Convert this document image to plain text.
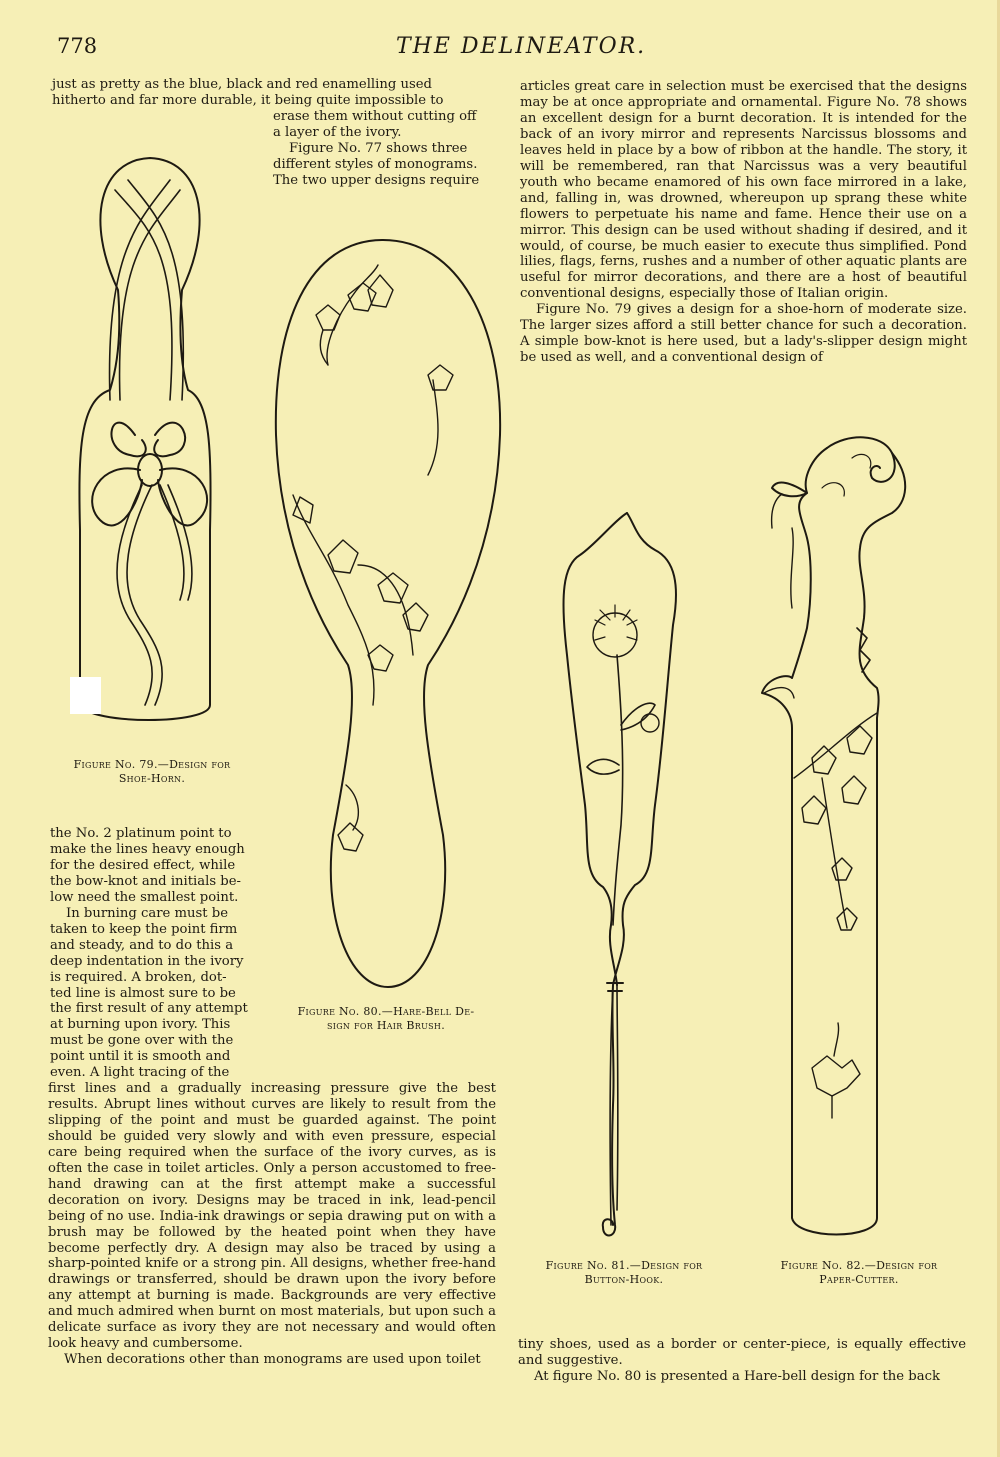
778	THE DELINEATOR.

just as pretty as the blue, black and red enamelling used

hitherto and far more durable, it being quite impossible to

erase them without cutting off

a layer of the ivory.

Figure No. 77 shows three

different styles of monograms.

The two upper designs require

Figure No. 79.—Design for
Shoe-Horn.
Figure No. 80.—Hare-Bell De-
sign for Hair Brush.

the No. 2 platinum point to

make the lines heavy enough

for the desired effect, while

the bow-knot and initials be-

low need the smallest point.

In burning care must be

taken to keep the point firm

and steady, and to do this a

deep indentation in the ivory

is required. A broken, dot-

ted line is almost sure to be

the first result of any attempt

at burning upon ivory. This

must be gone over with the

point until it is smooth and

even. A light tracing of the

first lines and a gradually increasing pressure give the best results. Abrupt lines without curves are likely to result from the slipping of the point and must be guarded against. The point should be guided very slowly and with even pressure, especial care being required when the surface of the ivory curves, as is often the case in toilet articles. Only a person accustomed to free-hand drawing can at the first attempt make a successful decoration on ivory. Designs may be traced in ink, lead-pencil being of no use. India-ink drawings or sepia drawing put on with a brush may be followed by the heated point when they have become perfectly dry. A design may also be traced by using a sharp-pointed knife or a strong pin. All designs, whether free-hand drawings or transferred, should be drawn upon the ivory before any attempt at burning is made. Backgrounds are very effective and much admired when burnt on most materials, but upon such a delicate surface as ivory they are not necessary and would often look heavy and cumbersome.

When decorations other than monograms are used upon toilet

articles great care in selection must be exercised that the designs may be at once appropriate and ornamental. Figure No. 78 shows an excellent design for a burnt decoration. It is intended for the back of an ivory mirror and represents Narcissus blossoms and leaves held in place by a bow of ribbon at the handle. The story, it will be remembered, ran that Narcissus was a very beautiful youth who became enamored of his own face mirrored in a lake, and, falling in, was drowned, whereupon up sprang these white flowers to perpetuate his name and fame. Hence their use on a mirror. This design can be used without shading if desired, and it would, of course, be much easier to execute thus simplified. Pond lilies, flags, ferns, rushes and a number of other aquatic plants are useful for mirror decorations, and there are a host of beautiful conventional designs, especially those of Italian origin.

Figure No. 79 gives a design for a shoe-horn of moderate size. The larger sizes afford a still better chance for such a decoration. A simple bow-knot is here used, but a lady's-slipper design might be used as well, and a conventional design of

Figure No. 81.—Design for
Button-Hook.
Figure No. 82.—Design for
Paper-Cutter.

tiny shoes, used as a border or center-piece, is equally effective and suggestive.

At figure No. 80 is presented a Hare-bell design for the back
